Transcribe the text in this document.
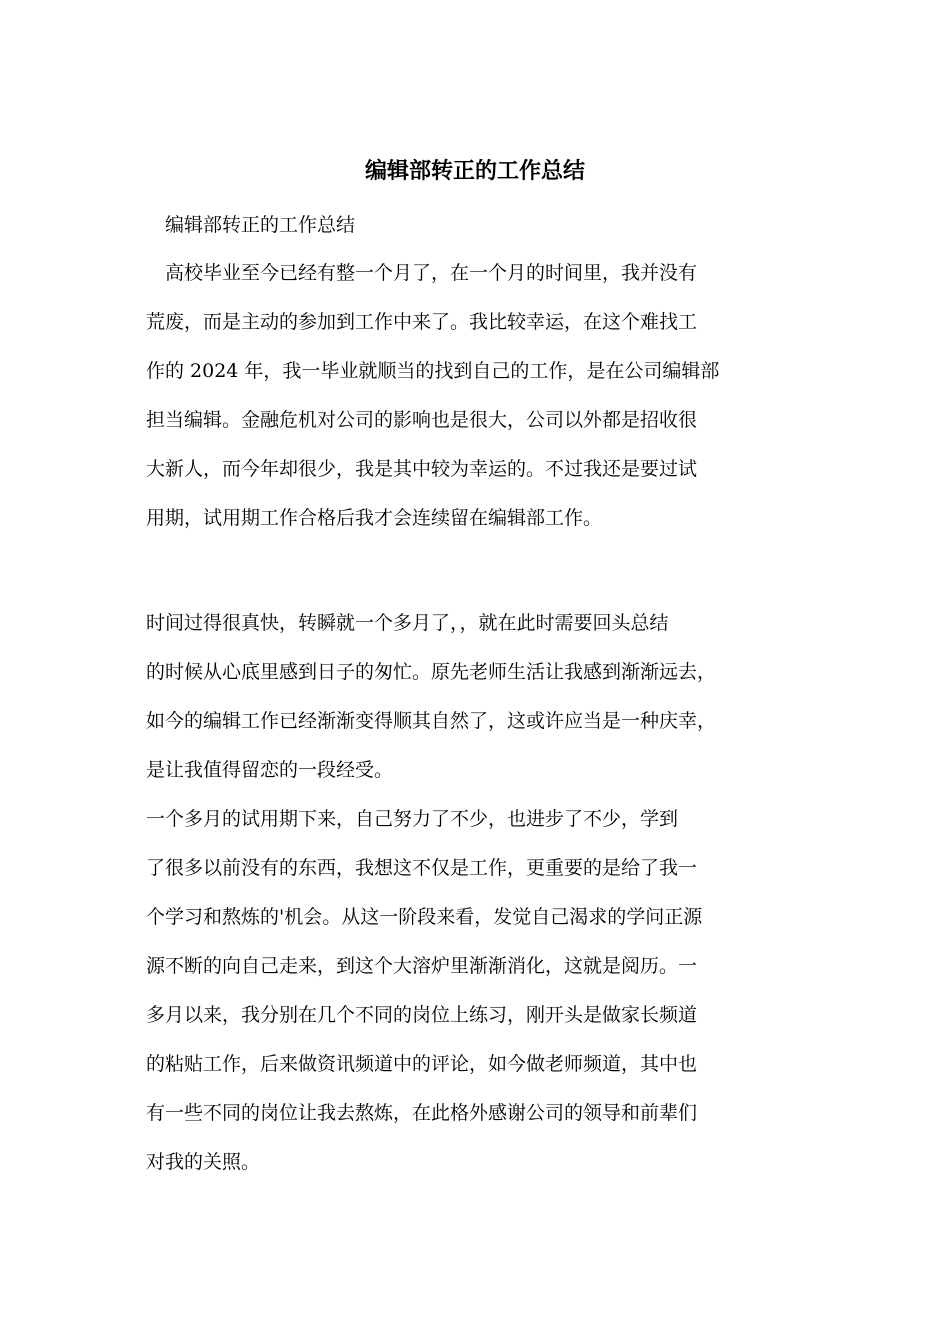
编辑部转正的工作总结
编辑部转正的工作总结
　高校毕业至今已经有整一个月了，在一个月的时间里，我并没有
荒废，而是主动的参加到工作中来了。我比较幸运，在这个难找工
作的 2024 年，我一毕业就顺当的找到自己的工作，是在公司编辑部
担当编辑。金融危机对公司的影响也是很大，公司以外都是招收很
大新人，而今年却很少，我是其中较为幸运的。不过我还是要过试
用期，试用期工作合格后我才会连续留在编辑部工作。
时间过得很真快，转瞬就一个多月了，，就在此时需要回头总结
的时候从心底里感到日子的匆忙。原先老师生活让我感到渐渐远去，
如今的编辑工作已经渐渐变得顺其自然了，这或许应当是一种庆幸，
是让我值得留恋的一段经受。
一个多月的试用期下来，自己努力了不少，也进步了不少，学到
了很多以前没有的东西，我想这不仅是工作，更重要的是给了我一
个学习和熬炼的'机会。从这一阶段来看，发觉自己渴求的学问正源
源不断的向自己走来，到这个大溶炉里渐渐消化，这就是阅历。一
多月以来，我分别在几个不同的岗位上练习，刚开头是做家长频道
的粘贴工作，后来做资讯频道中的评论，如今做老师频道，其中也
有一些不同的岗位让我去熬炼，在此格外感谢公司的领导和前辈们
对我的关照。
